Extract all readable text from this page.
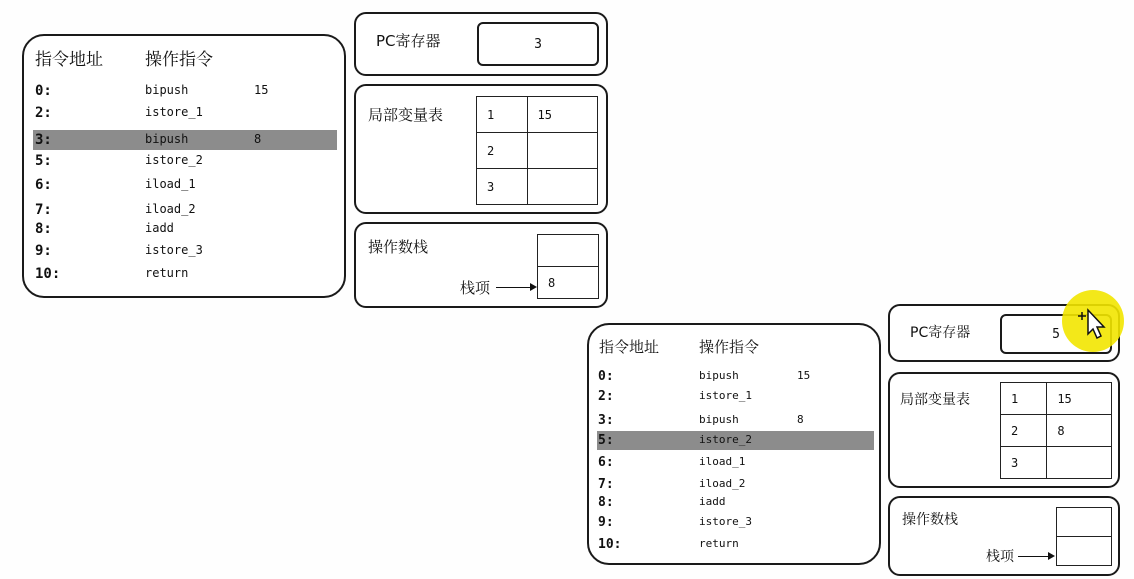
指令地址 操作指令
0:	bipush	15
2:	istore_1
3:	bipush	8
5:	istore_2
6:	iload_1
7:	iload_2
8:	iadd
9:	istore_3
10:	return
PC寄存器	3
局部变量表	1	15
2	
3	
操作数栈
8
栈项
指令地址	操作指令
0:	bipush	15
2:	istore_1
3:	bipush	8
5:	istore_2
6:	iload_1
7:	iload_2
8:	iadd
9:	istore_3
10:	return
PC寄存器	5
局部变量表	1	15
2	8
3	
操作数栈
栈项
